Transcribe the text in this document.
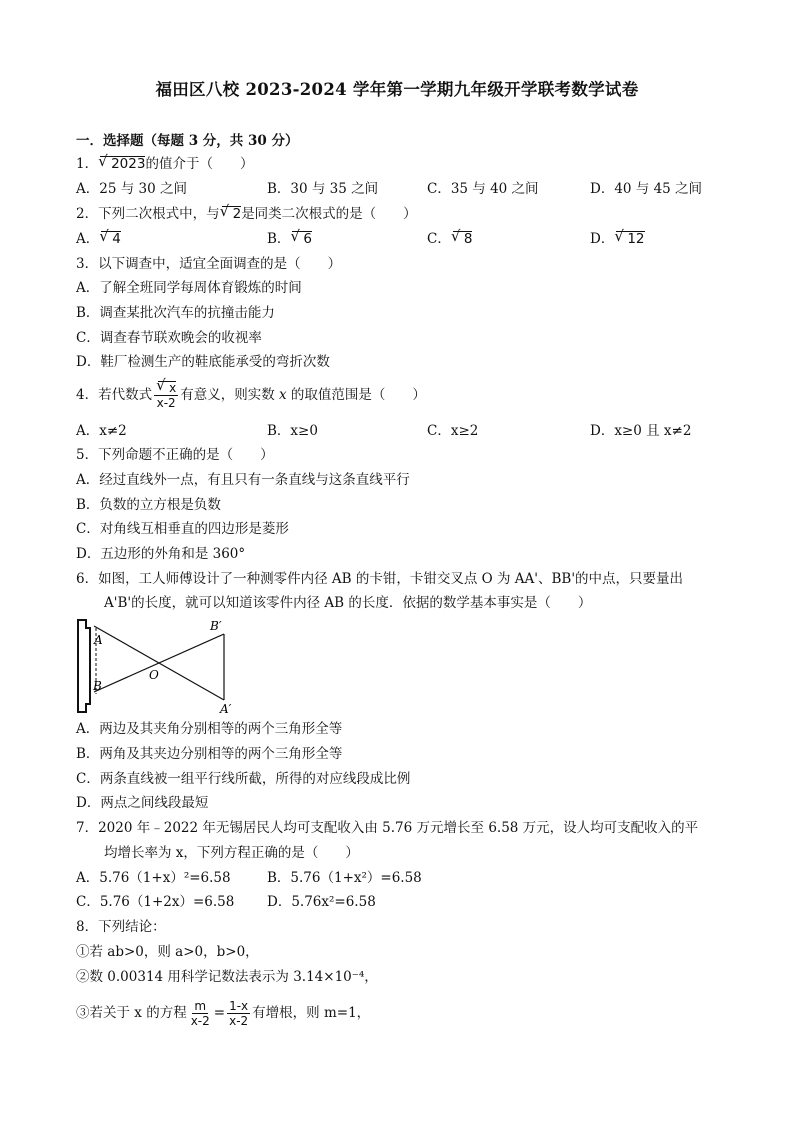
福田区八校 2023-2024 学年第一学期九年级开学联考数学试卷
一．选择题（每题 3 分，共 30 分）
1． √ 2023的值介于（　　）
A．25 与 30 之间	B．30 与 35 之间	C．35 与 40 之间	D．40 与 45 之间
2．下列二次根式中，与 √ 2是同类二次根式的是（　　）
A． √ 4	B． √ 6	C． √ 8	D． √ 12
3．以下调查中，适宜全面调查的是（　　）
A．了解全班同学每周体育锻炼的时间
B．调查某批次汽车的抗撞击能力
C．调查春节联欢晚会的收视率
D．鞋厂检测生产的鞋底能承受的弯折次数
4．若代数式 √ $\frac{x}{x-2}$ 有意义，则实数 x 的取值范围是（　　）
A．x≠2	B．x≥0	C．x≥2	D．x≥0 且 x≠2
5．下列命题不正确的是（　　）
A．经过直线外一点，有且只有一条直线与这条直线平行
B．负数的立方根是负数
C．对角线互相垂直的四边形是菱形
D．五边形的外角和是 360°
6．如图，工人师傅设计了一种测零件内径 AB 的卡钳，卡钳交叉点 O 为 AA'、BB'的中点，只要量出
A'B'的长度，就可以知道该零件内径 AB 的长度．依据的数学基本事实是（　　）
A
B
O
B′
A′
A．两边及其夹角分别相等的两个三角形全等
B．两角及其夹边分别相等的两个三角形全等
C．两条直线被一组平行线所截，所得的对应线段成比例
D．两点之间线段最短
7．2020 年﹣2022 年无锡居民人均可支配收入由 5.76 万元增长至 6.58 万元，设人均可支配收入的平
均增长率为 x，下列方程正确的是（　　）
A．5.76（1+x）²=6.58	B．5.76（1+x²）=6.58
C．5.76（1+2x）=6.58 D．5.76x²=6.58
8．下列结论：
①若 ab>0，则 a>0，b>0，
②数 0.00314 用科学记数法表示为 3.14×10⁻⁴，
③若关于 x 的方程 $\frac{m}{x-2} = \frac{1-x}{x-2}$ 有增根，则 m=1，
